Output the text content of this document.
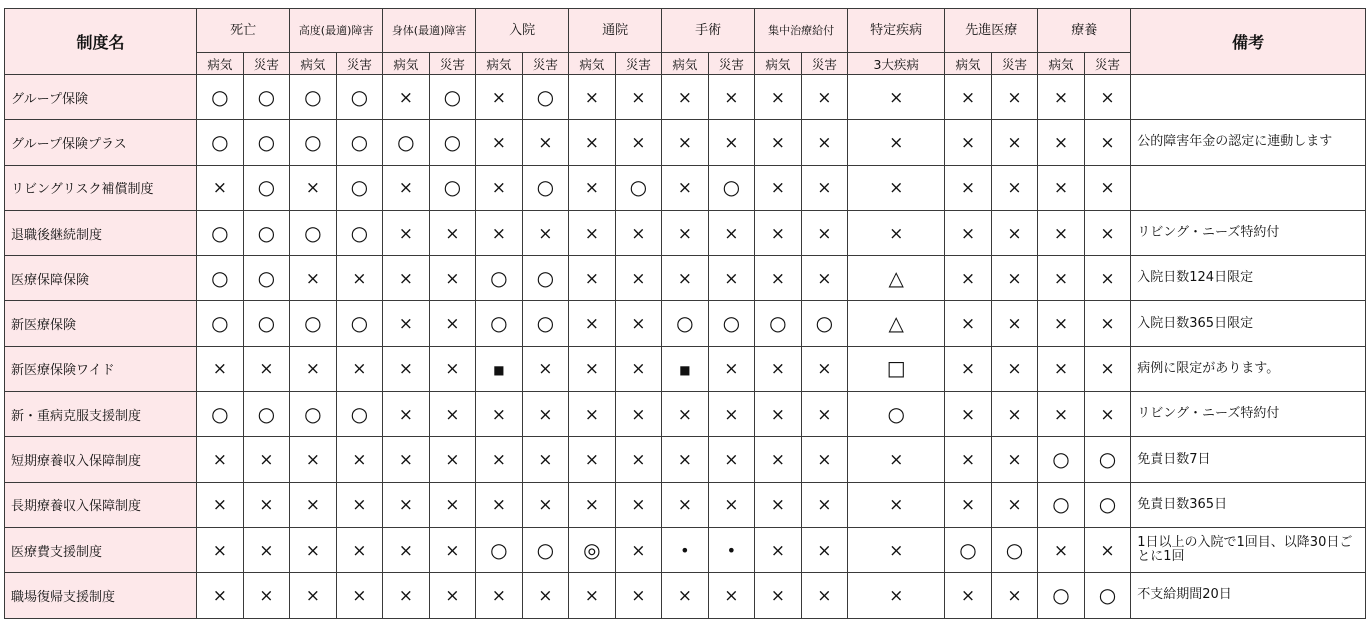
制度名	死亡		高度(最適)障害		身体(最適)障害		入院		通院		手術		集中治療給付		特定疾病	先進医療		療養		備考
	病気	災害	病気	災害	病気	災害	病気	災害	病気	災害	病気	災害	病気	災害	3大疾病	病気	災害	病気	災害	
グループ保険	○	○	○	○	×	○	×	○	×	×	×	×	×	×	×	×	×	×	×	
グループ保険プラス	○	○	○	○	○	○	×	×	×	×	×	×	×	×	×	×	×	×	×	公的障害年金の認定に連動します
リビングリスク補償制度	×	○	×	○	×	○	×	○	×	○	×	○	×	×	×	×	×	×	×	
退職後継続制度	○	○	○	○	×	×	×	×	×	×	×	×	×	×	×	×	×	×	×	リビング・ニーズ特約付
医療保障保険	○	○	×	×	×	×	○	○	×	×	×	×	×	×	△	×	×	×	×	入院日数124日限定
新医療保険	○	○	○	○	×	×	○	○	×	×	○	○	○	○	△	×	×	×	×	入院日数365日限定
新医療保険ワイド	×	×	×	×	×	×	■	×	×	×	■	×	×	×	□	×	×	×	×	病例に限定があります。
新・重病克服支援制度	○	○	○	○	×	×	×	×	×	×	×	×	×	×	○	×	×	×	×	リビング・ニーズ特約付
短期療養収入保障制度	×	×	×	×	×	×	×	×	×	×	×	×	×	×	×	×	×	○	○	免責日数7日
長期療養収入保障制度	×	×	×	×	×	×	×	×	×	×	×	×	×	×	×	×	×	○	○	免責日数365日
医療費支援制度	×	×	×	×	×	×	○	○	◎	×	•	•	×	×	×	○	○	×	×	1日以上の入院で1回目、以降30日ごとに1回
職場復帰支援制度	×	×	×	×	×	×	×	×	×	×	×	×	×	×	×	×	×	○	○	不支給期間20日
